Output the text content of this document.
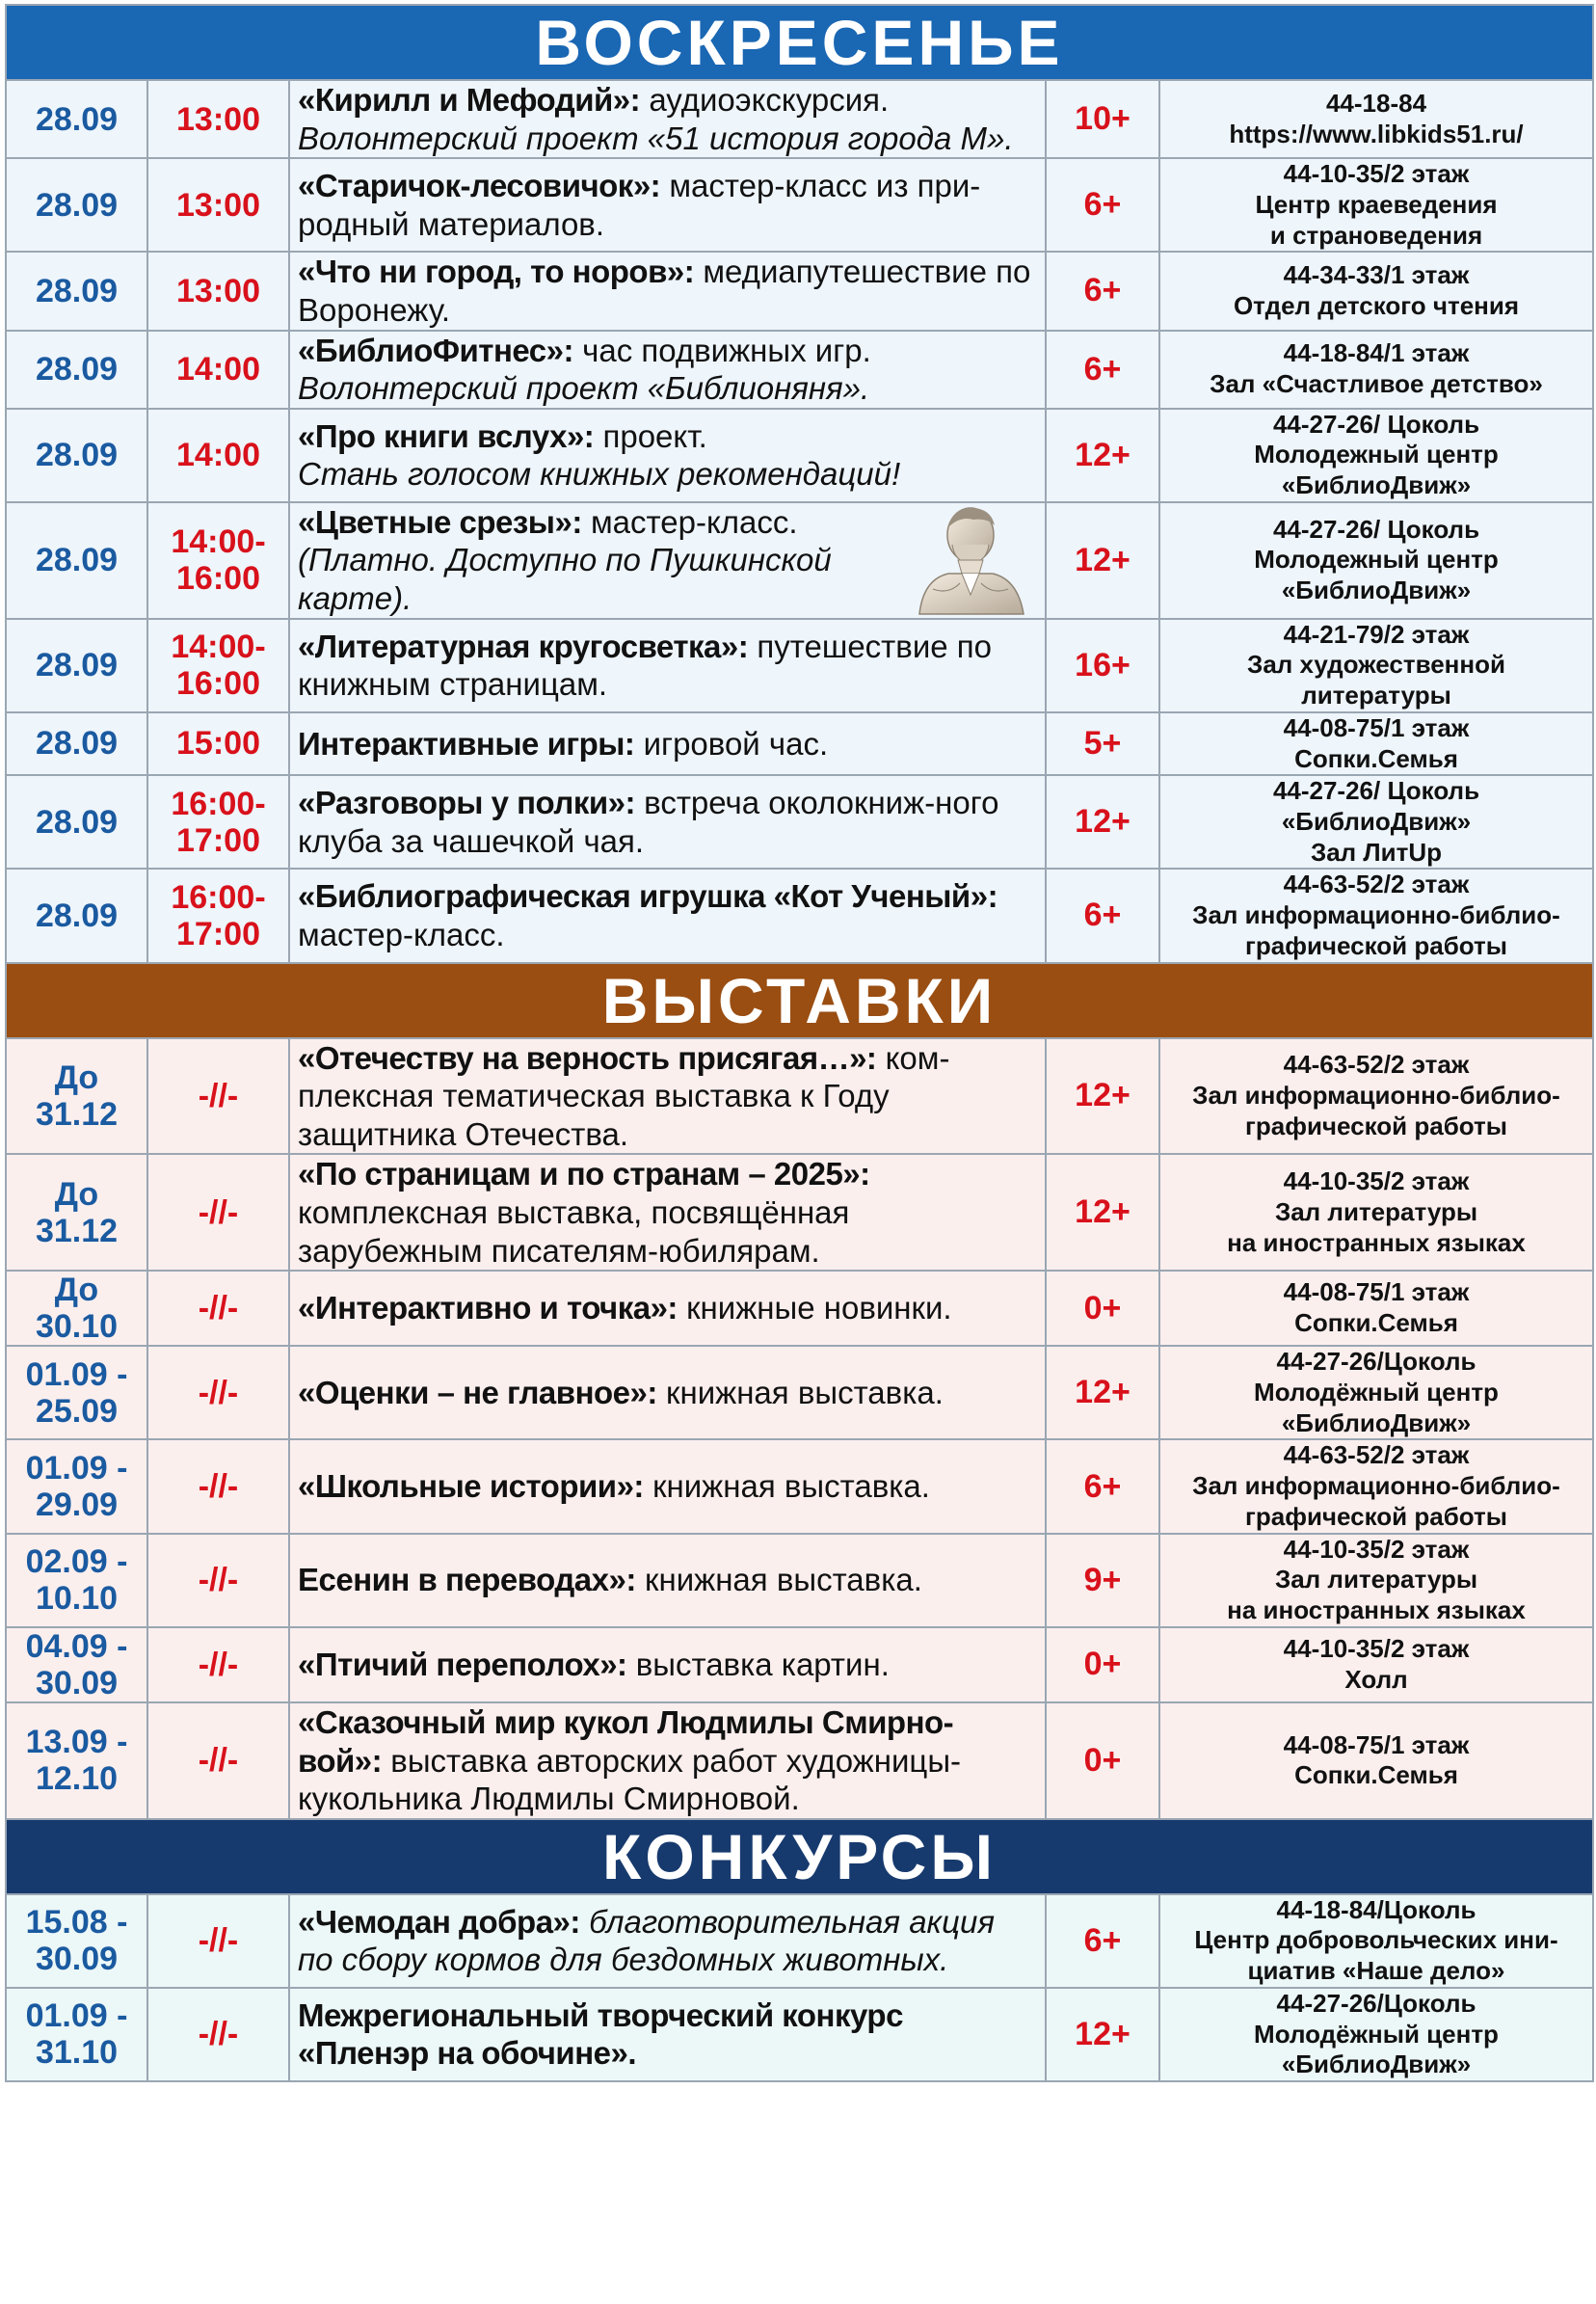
ВОСКРЕСЕНЬЕ				

28.09	13:00	«Кирилл и Мефодий»: аудиоэкскурсия.
Волонтерский проект «51 история города М».	10+	44-18-84
https://www.libkids51.ru/

28.09	13:00	«Старичок-лесовичок»: мастер-класс из при-родный материалов.	6+	44-10-35/2 этаж
Центр краеведения
и страноведения

28.09	13:00	«Что ни город, то норов»: медиапутешествие по Воронежу.	6+	44-34-33/1 этаж
Отдел детского чтения

28.09	14:00	«БиблиоФитнес»: час подвижных игр.
Волонтерский проект «Библионяня».	6+	44-18-84/1 этаж
Зал «Счастливое детство»

28.09	14:00	«Про книги вслух»: проект.
Стань голосом книжных рекомендаций!	12+	44-27-26/ Цоколь
Молодежный центр
«БиблиоДвиж»

28.09	14:00-
16:00	«Цветные срезы»: мастер-класс.
(Платно. Доступно по Пушкинской карте).	12+	44-27-26/ Цоколь
Молодежный центр
«БиблиоДвиж»

28.09	14:00-
16:00	«Литературная кругосветка»: путешествие по книжным страницам.	16+	44-21-79/2 этаж
Зал художественной
литературы

28.09	15:00	Интерактивные игры: игровой час.	5+	44-08-75/1 этаж
Сопки.Семья

28.09	16:00-
17:00	«Разговоры у полки»: встреча околокниж-ного клуба за чашечкой чая.	12+	44-27-26/ Цоколь
«БиблиоДвиж»
Зал ЛитUp

28.09	16:00-
17:00	«Библиографическая игрушка «Кот Ученый»: мастер-класс.	6+	44-63-52/2 этаж
Зал информационно-библио-
графической работы

ВЫСТАВКИ				

До
31.12	-//-	«Отечеству на верность присягая…»: ком-плексная тематическая выставка к Году защитника Отечества.	12+	44-63-52/2 этаж
Зал информационно-библио-
графической работы

До
31.12	-//-	«По страницам и по странам – 2025»: комплексная выставка, посвящённая зарубежным писателям-юбилярам.	12+	44-10-35/2 этаж
Зал литературы
на иностранных языках

До
30.10	-//-	«Интерактивно и точка»: книжные новинки.	0+	44-08-75/1 этаж
Сопки.Семья

01.09 -
25.09	-//-	«Оценки – не главное»: книжная выставка.	12+	44-27-26/Цоколь
Молодёжный центр
«БиблиоДвиж»

01.09 -
29.09	-//-	«Школьные истории»: книжная выставка.	6+	44-63-52/2 этаж
Зал информационно-библио-
графической работы

02.09 -
10.10	-//-	Есенин в переводах»: книжная выставка.	9+	44-10-35/2 этаж
Зал литературы
на иностранных языках

04.09 -
30.09	-//-	«Птичий переполох»: выставка картин.	0+	44-10-35/2 этаж
Холл

13.09 -
12.10	-//-	«Сказочный мир кукол Людмилы Смирно-вой»: выставка авторских работ художницы-кукольника Людмилы Смирновой.	0+	44-08-75/1 этаж
Сопки.Семья

КОНКУРСЫ				

15.08 -
30.09	-//-	«Чемодан добра»: благотворительная акция по сбору кормов для бездомных животных.	6+	44-18-84/Цоколь
Центр добровольческих ини-
циатив «Наше дело»

01.09 -
31.10	-//-	Межрегиональный творческий конкурс «Пленэр на обочине».	12+	44-27-26/Цоколь
Молодёжный центр
«БиблиоДвиж»
